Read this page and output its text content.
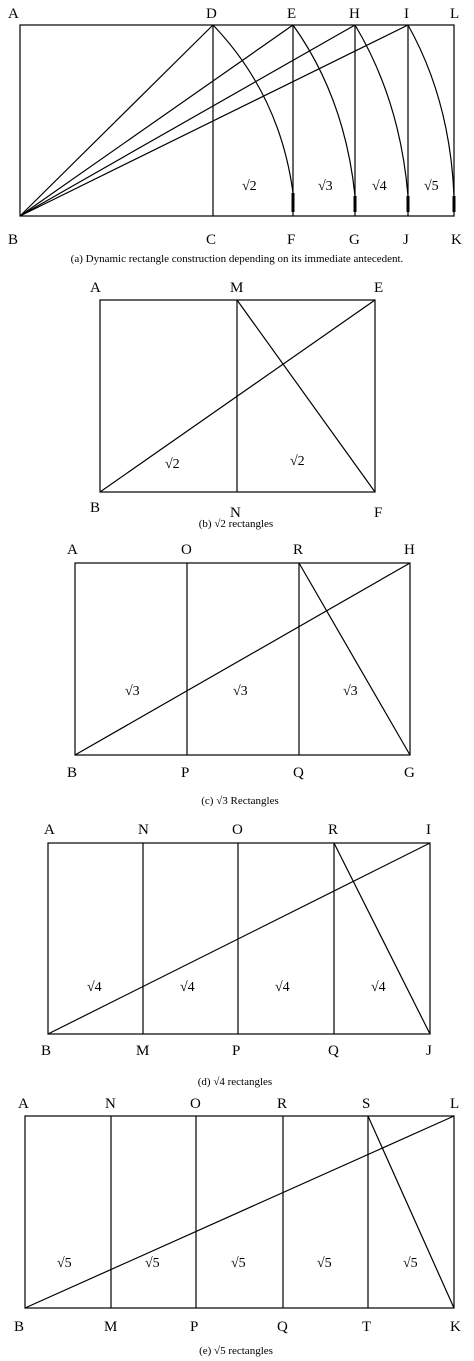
√2	√3	√4	√5
A	D	E	H	I	L
B	C	F	G	J	K
(a) Dynamic rectangle construction depending on its immediate antecedent.
√2	√2
A	M	E
B	N	F
(b) √2 rectangles
√3	√3	√3
A	O	R	H
B	P	Q	G
(c) √3 Rectangles
√4	√4	√4	√4
A	N	O	R	I
B	M	P	Q	J
(d) √4 rectangles
√5	√5	√5	√5	√5
A	N	O	R	S	L
B	M	P	Q	T	K
(e) √5 rectangles
